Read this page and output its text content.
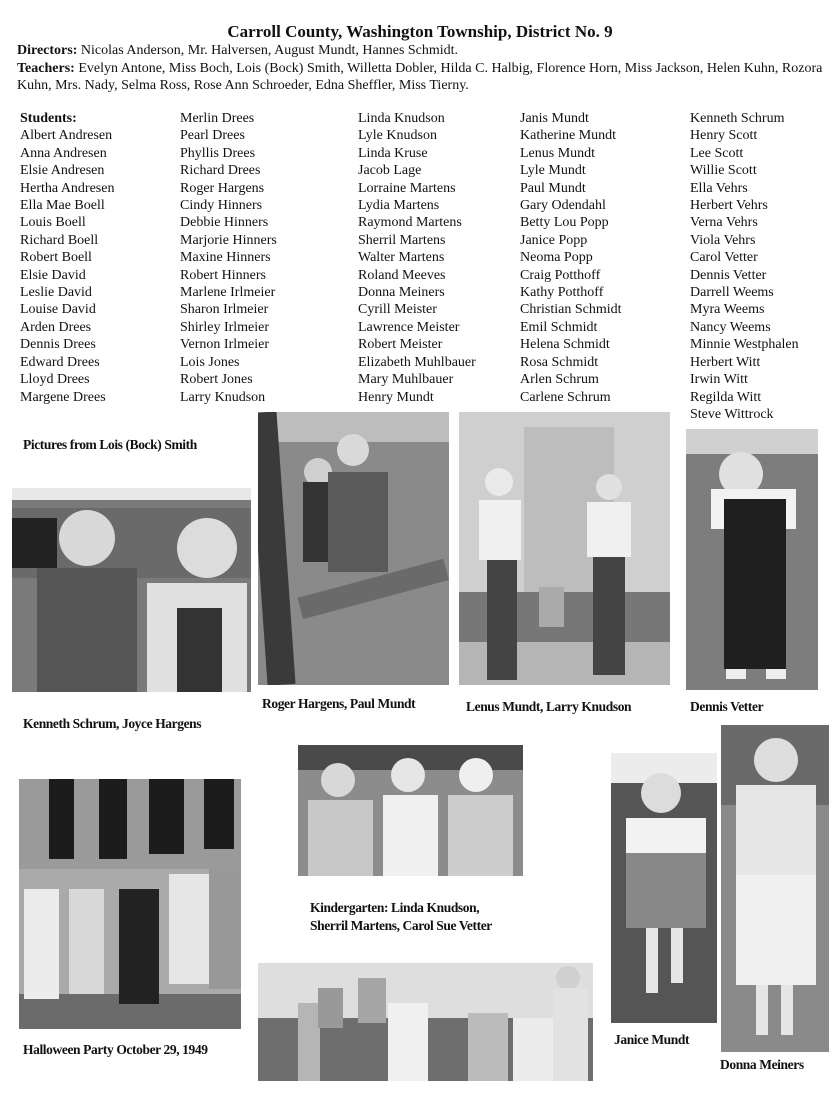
Carroll County, Washington Township, District No. 9
Directors: Nicolas Anderson, Mr. Halversen, August Mundt, Hannes Schmidt.
Teachers: Evelyn Antone, Miss Boch, Lois (Bock) Smith, Willetta Dobler, Hilda C. Halbig, Florence Horn, Miss Jackson, Helen Kuhn, Rozora Kuhn, Mrs. Nady, Selma Ross, Rose Ann Schroeder, Edna Sheffler, Miss Tierny.
Students:
Albert Andresen
Anna Andresen
Elsie Andresen
Hertha Andresen
Ella Mae Boell
Louis Boell
Richard Boell
Robert Boell
Elsie David
Leslie David
Louise David
Arden Drees
Dennis Drees
Edward Drees
Lloyd Drees
Margene Drees
Merlin Drees
Pearl Drees
Phyllis Drees
Richard Drees
Roger Hargens
Cindy Hinners
Debbie Hinners
Marjorie Hinners
Maxine Hinners
Robert Hinners
Marlene Irlmeier
Sharon Irlmeier
Shirley Irlmeier
Vernon Irlmeier
Lois Jones
Robert Jones
Larry Knudson
Linda Knudson
Lyle Knudson
Linda Kruse
Jacob Lage
Lorraine Martens
Lydia Martens
Raymond Martens
Sherril Martens
Walter Martens
Roland Meeves
Donna Meiners
Cyrill Meister
Lawrence Meister
Robert Meister
Elizabeth Muhlbauer
Mary Muhlbauer
Henry Mundt
Janis Mundt
Katherine Mundt
Lenus Mundt
Lyle Mundt
Paul Mundt
Gary Odendahl
Betty Lou Popp
Janice Popp
Neoma Popp
Craig Potthoff
Kathy Potthoff
Christian Schmidt
Emil Schmidt
Helena Schmidt
Rosa Schmidt
Arlen Schrum
Carlene Schrum
Kenneth Schrum
Henry Scott
Lee Scott
Willie Scott
Ella Vehrs
Herbert Vehrs
Verna Vehrs
Viola Vehrs
Carol Vetter
Dennis Vetter
Darrell Weems
Myra Weems
Nancy Weems
Minnie Westphalen
Herbert Witt
Irwin Witt
Regilda Witt
Steve Wittrock
Pictures from Lois (Bock) Smith
Kenneth Schrum, Joyce Hargens
Roger Hargens, Paul Mundt	Lenus Mundt, Larry Knudson	Dennis Vetter
Kindergarten: Linda Knudson,
Sherril Martens, Carol Sue Vetter
Halloween Party October 29, 1949
Janice Mundt
Donna Meiners
